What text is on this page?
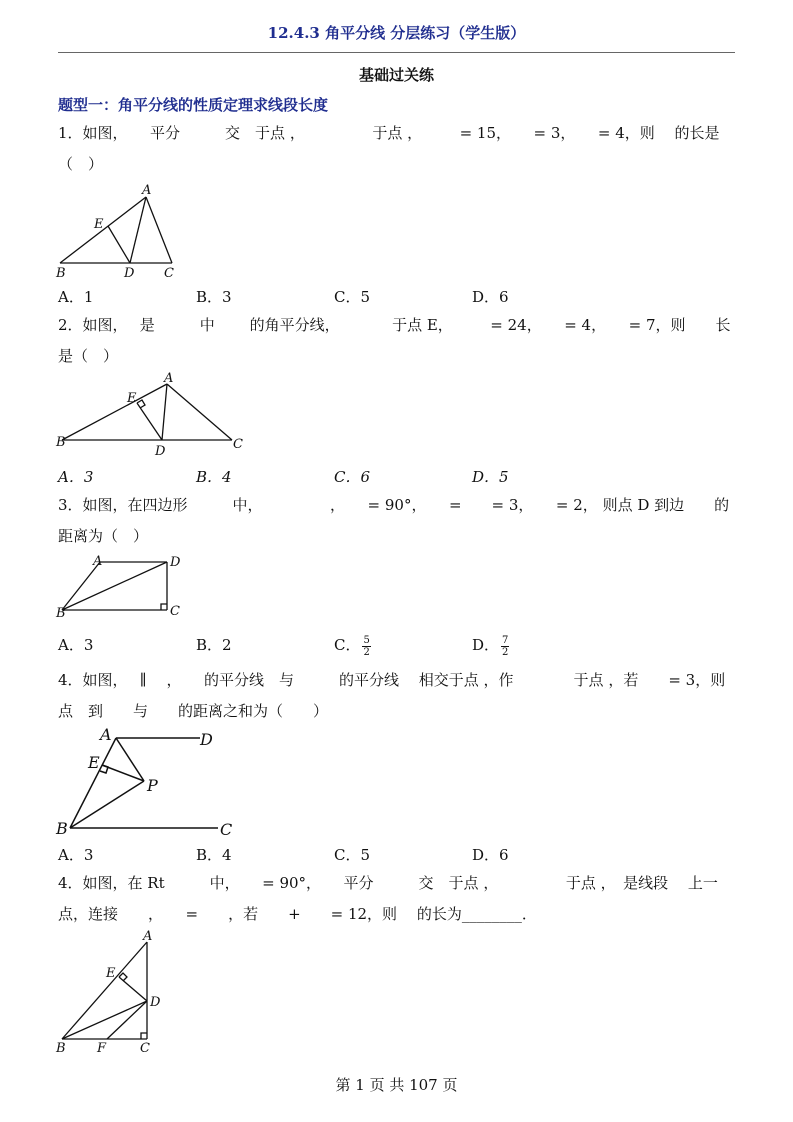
12.4.3 角平分线 分层练习（学生版）
基础过关练
题型一：角平分线的性质定理求线段长度
1．如图，　　平分　　　交　于点 ，　　　　　于点 ，　　　= 15，　　= 3，　　= 4，则　 的长是（　）
A
E
B	D C
A．1	B．3	C．5	D．6
2．如图，　 是　　　中　　 的角平分线，　　　　于点 E，　　　= 24，　　= 4，　　= 7，则　　长是（　）
A
E
B
D	C
A．3	B．4	C．6	D．5
3．如图，在四边形　　　中，　　　　　，　　= 90°，　　=　　= 3，　　= 2， 则点 D 到边　　的距离为（　）
A	D
B	C
A．3	B．2	C． $\frac{5}{2}$	D． $\frac{7}{2}$
4．如图，　 ∥　 ，　　的平分线　与　　　的平分线　 相交于点 ，作　　　　于点 ，若　　= 3，则点　到　　与　　的距离之和为（　　）
A	D
E
P
B	C
A．3	B．4	C．5	D．6
4．如图，在 Rt　　　中，　　= 90°，　　平分　　　交　于点 ，　　　　　于点 ，　是线段　 上一点，连接　　，　　=　　，若　　+　　= 12，则　 的长为________．
A
E
D
B F	C
第 1 页 共 107 页
